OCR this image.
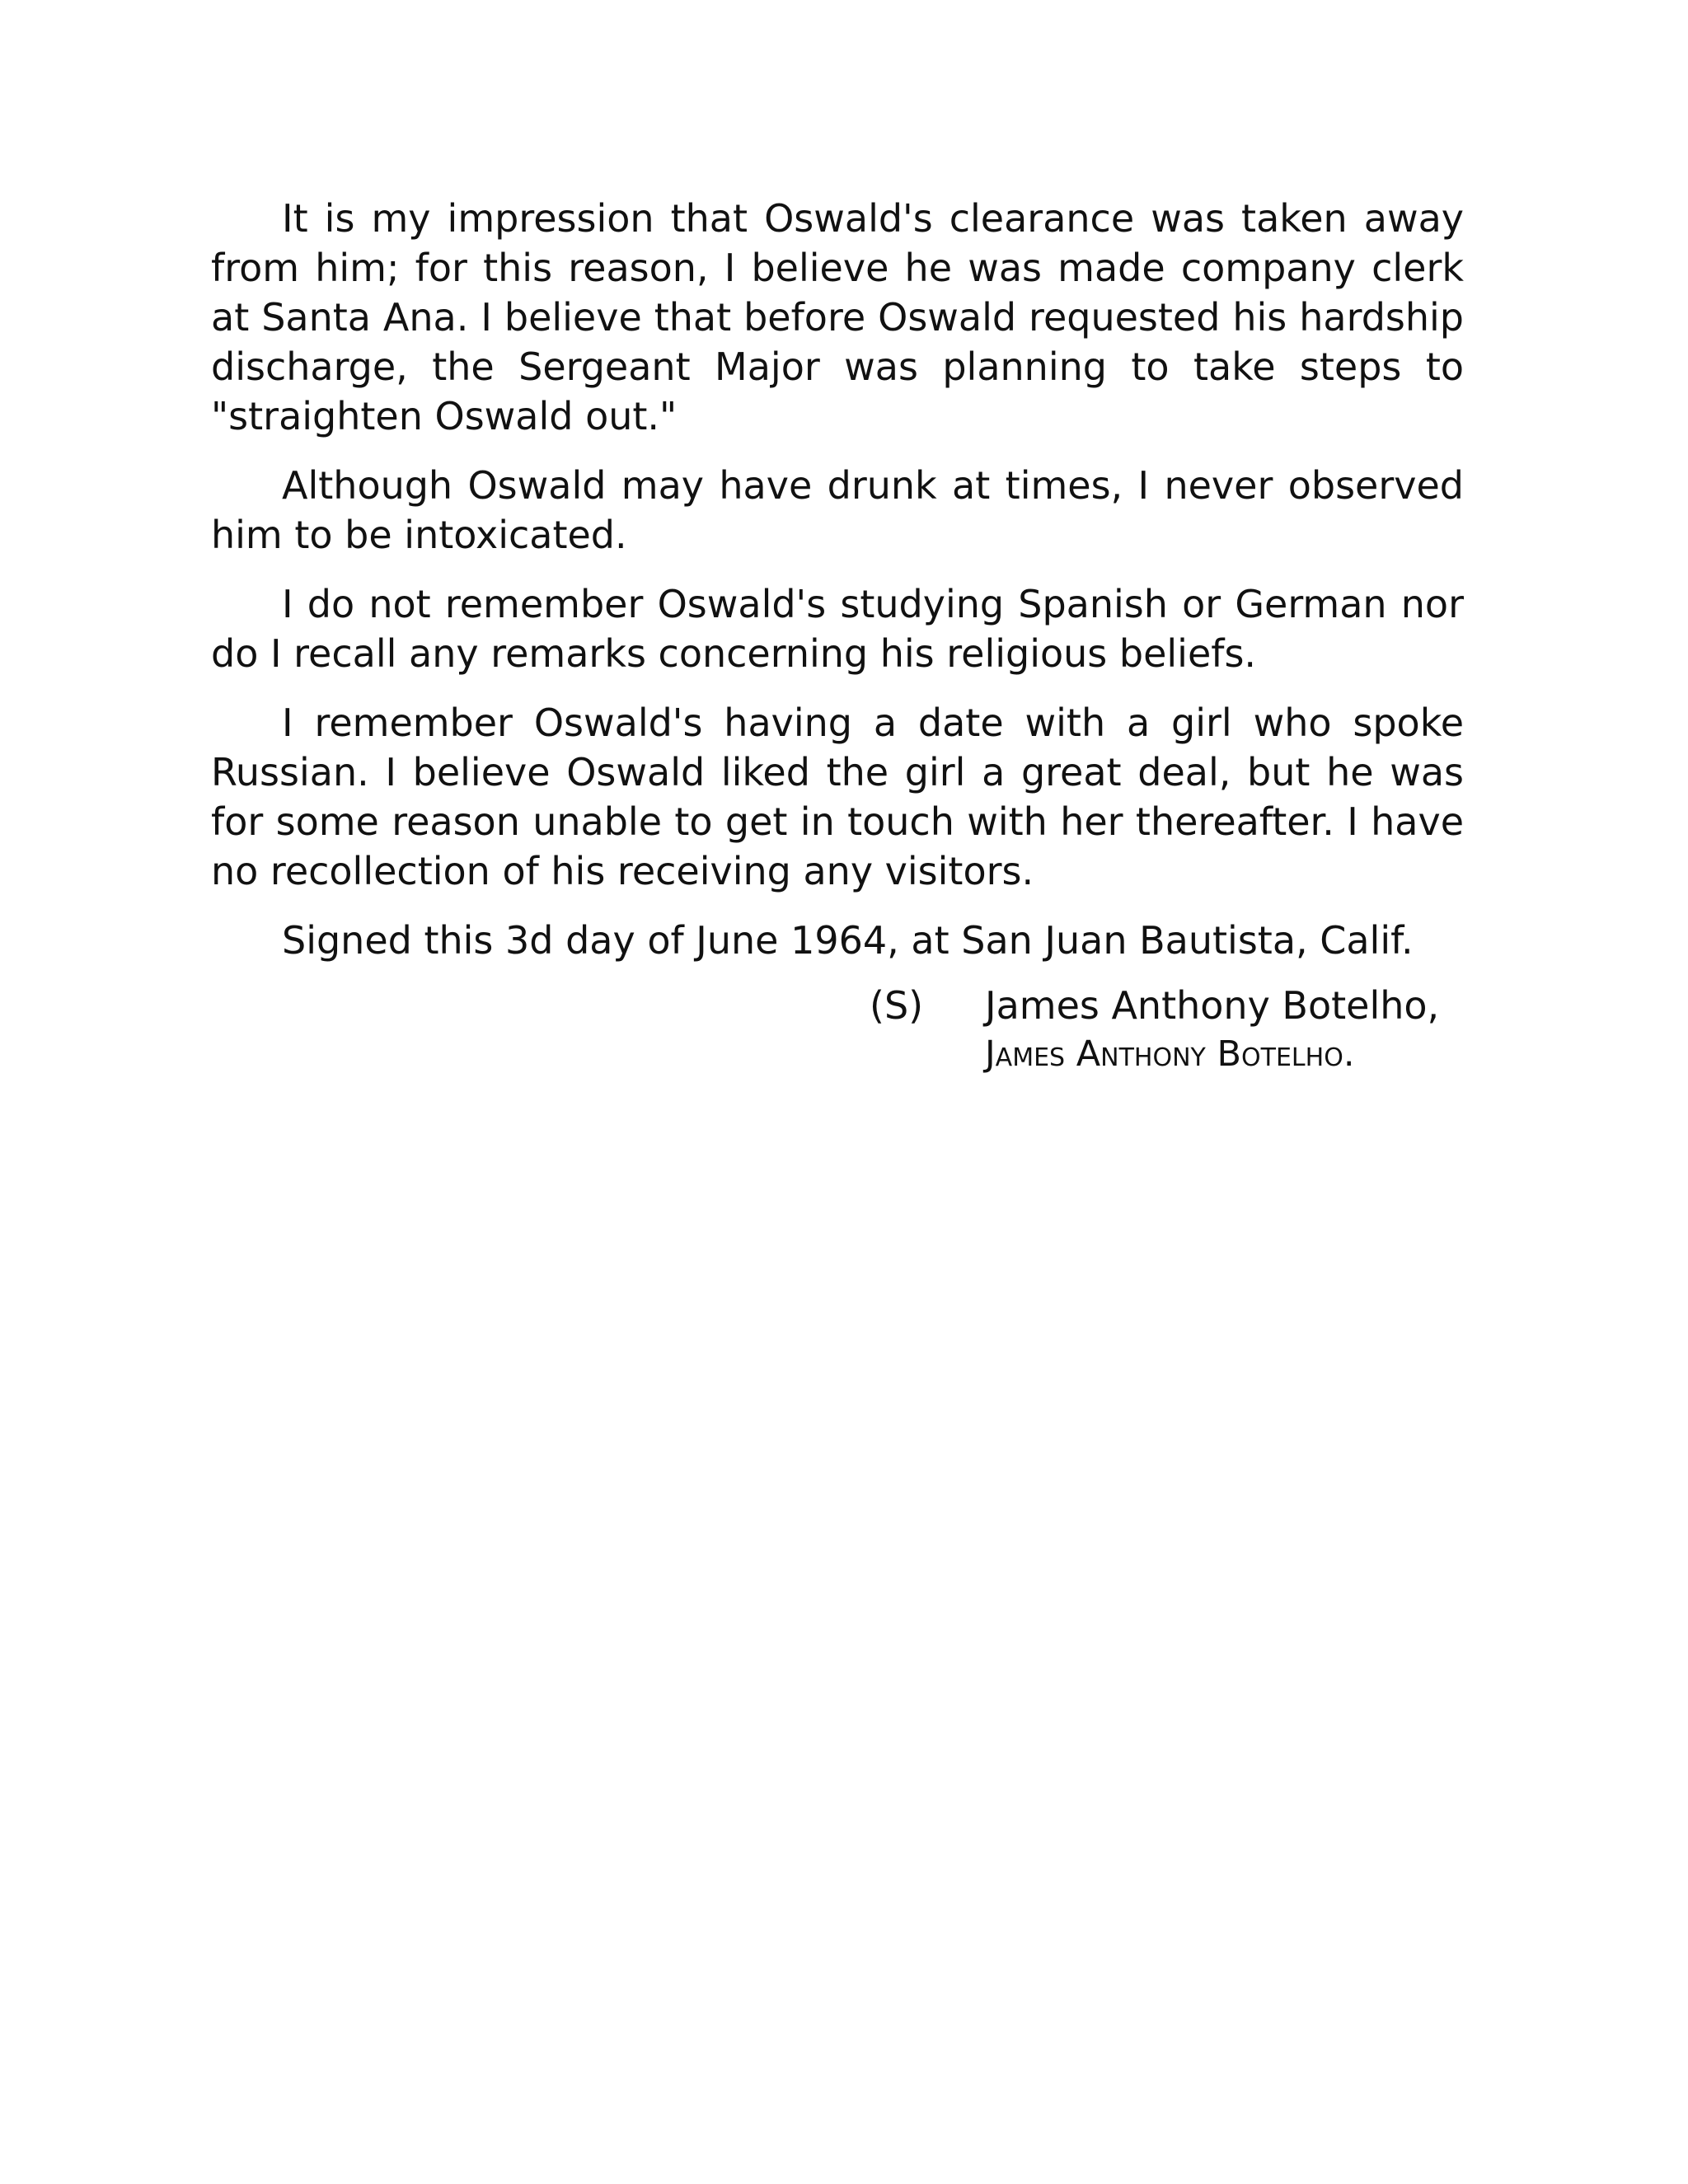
It is my impression that Oswald's clearance was taken away from him; for this reason, I believe he was made company clerk at Santa Ana. I believe that before Oswald requested his hardship discharge, the Sergeant Major was planning to take steps to "straighten Oswald out."

Although Oswald may have drunk at times, I never observed him to be intoxicated.

I do not remember Oswald's studying Spanish or German nor do I recall any remarks concerning his religious beliefs.

I remember Oswald's having a date with a girl who spoke Russian. I believe Oswald liked the girl a great deal, but he was for some reason unable to get in touch with her thereafter. I have no recollection of his receiving any visitors.

Signed this 3d day of June 1964, at San Juan Bautista, Calif.

(S)	James Anthony Botelho,
James Anthony Botelho.
